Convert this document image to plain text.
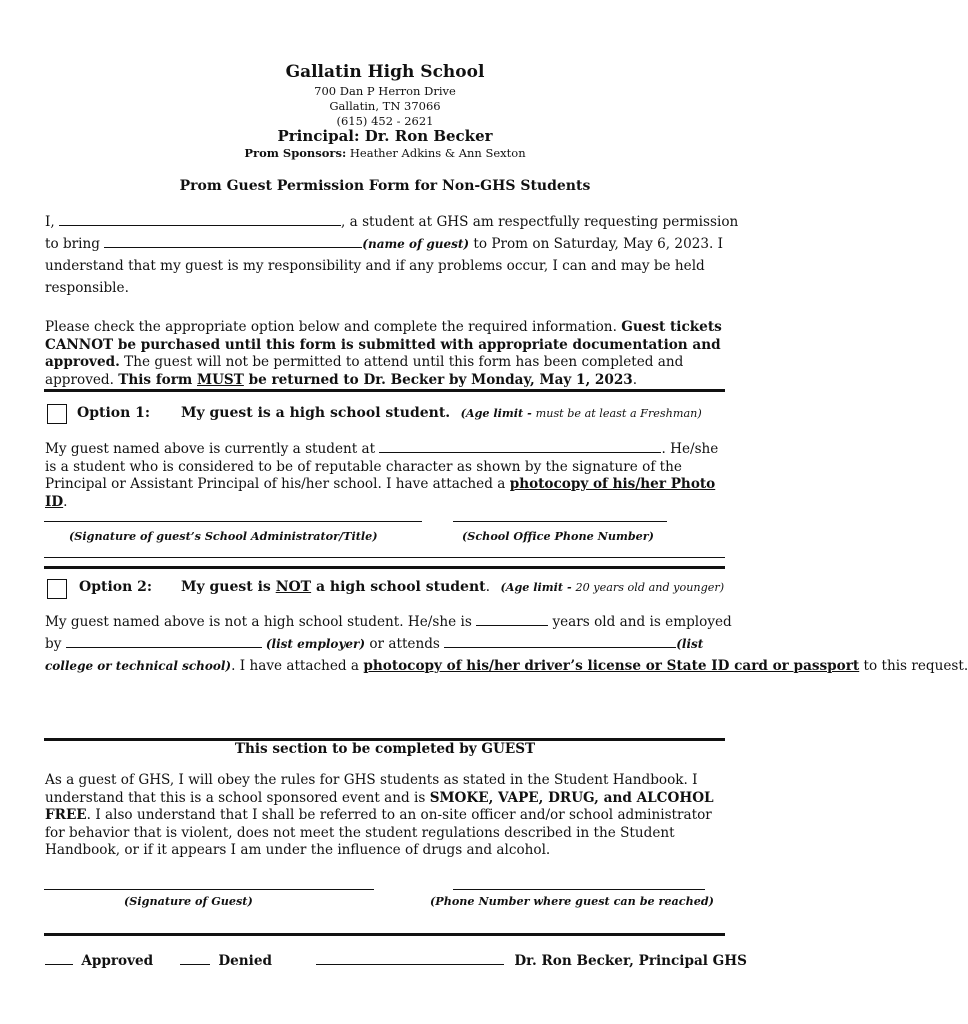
Gallatin High School
700 Dan P Herron Drive
Gallatin, TN 37066
(615) 452 - 2621
Principal: Dr. Ron Becker
Prom Sponsors: Heather Adkins & Ann Sexton
Prom Guest Permission Form for Non-GHS Students
I,	, a student at GHS am respectfully requesting permission
to bring	(name of guest) to Prom on Saturday, May 6, 2023. I
understand that my guest is my responsibility and if any problems occur, I can and may be held
responsible.
Please check the appropriate option below and complete the required information. Guest tickets CANNOT be purchased until this form is submitted with appropriate documentation and approved. The guest will not be permitted to attend until this form has been completed and approved. This form MUST be returned to Dr. Becker by Monday, May 1, 2023.
Option 1: My guest is a high school student. (Age limit - must be at least a Freshman)
My guest named above is currently a student at	. He/she is a student who is considered to be of reputable character as shown by the signature of the Principal or Assistant Principal of his/her school. I have attached a photocopy of his/her Photo ID.
(Signature of guest’s School Administrator/Title)	(School Office Phone Number)
Option 2: My guest is NOT a high school student. (Age limit - 20 years old and younger)
My guest named above is not a high school student. He/she is	years old and is employed
by	(list employer) or attends	(list
college or technical school). I have attached a photocopy of his/her driver’s license or State ID card or passport to this request.
This section to be completed by GUEST
As a guest of GHS, I will obey the rules for GHS students as stated in the Student Handbook. I understand that this is a school sponsored event and is SMOKE, VAPE, DRUG, and ALCOHOL FREE. I also understand that I shall be referred to an on-site officer and/or school administrator for behavior that is violent, does not meet the student regulations described in the Student Handbook, or if it appears I am under the influence of drugs and alcohol.
(Signature of Guest)	(Phone Number where guest can be reached)
Approved	Denied	Dr. Ron Becker, Principal GHS
